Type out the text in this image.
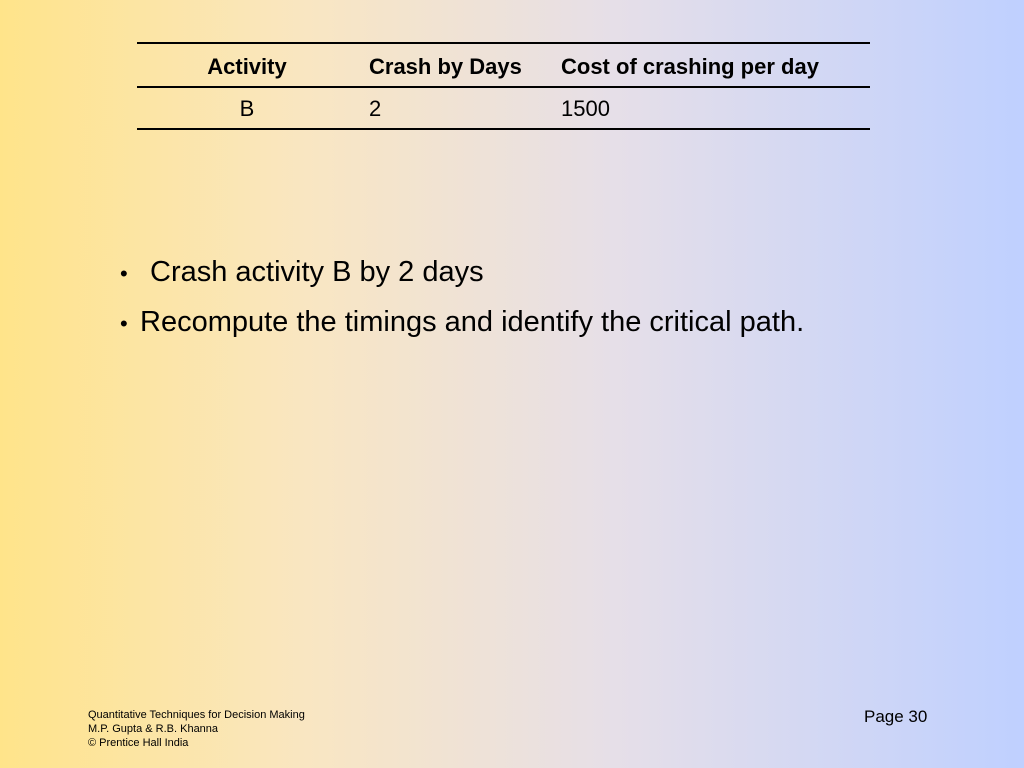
Activity	Crash by Days	Cost of crashing per day
B	2	1500
• Crash activity B by 2 days
• Recompute the timings and identify the critical path.
Quantitative Techniques for Decision Making
M.P. Gupta & R.B. Khanna
© Prentice Hall India
Page 30
